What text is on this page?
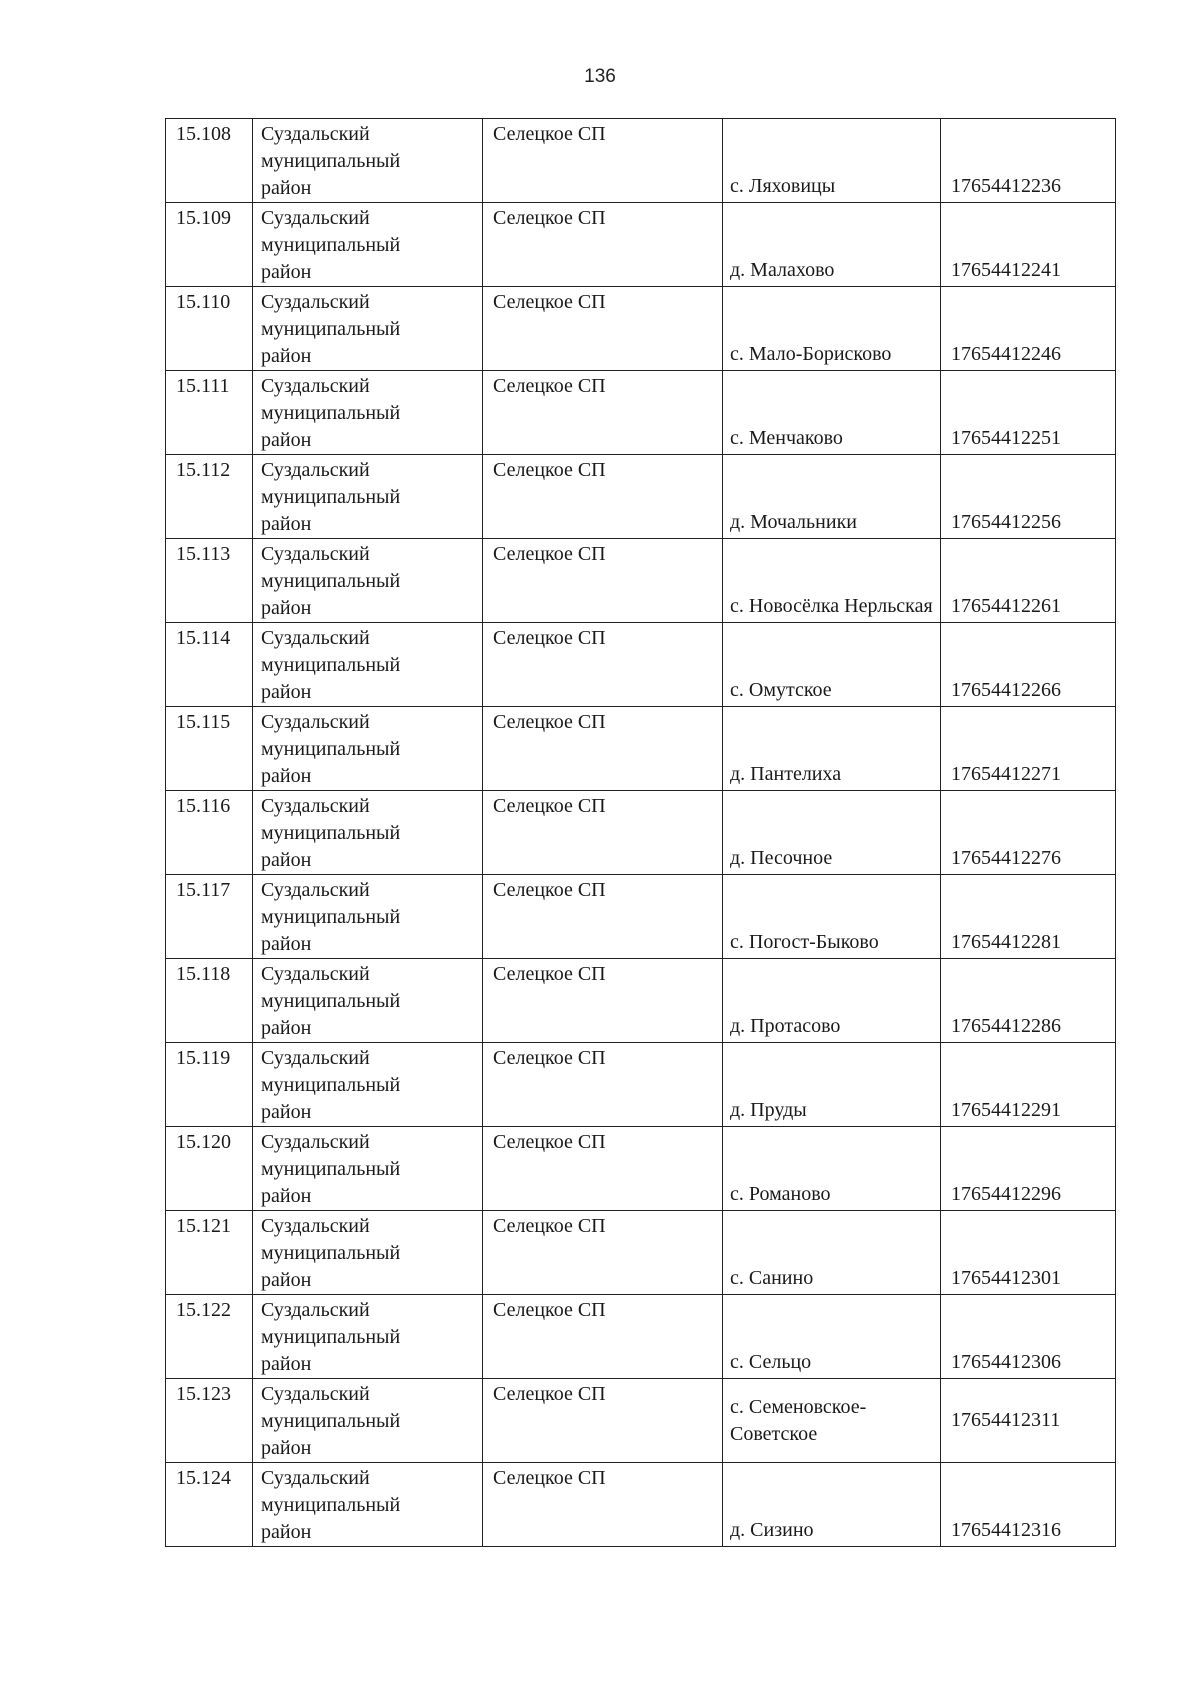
136
15.108	Суздальский
муниципальный
район	Селецкое СП	с. Ляховицы	17654412236
15.109	Суздальский
муниципальный
район	Селецкое СП	д. Малахово	17654412241
15.110	Суздальский
муниципальный
район	Селецкое СП	с. Мало-Борисково	17654412246
15.111	Суздальский
муниципальный
район	Селецкое СП	с. Менчаково	17654412251
15.112	Суздальский
муниципальный
район	Селецкое СП	д. Мочальники	17654412256
15.113	Суздальский
муниципальный
район	Селецкое СП	с. Новосёлка Нерльская	17654412261
15.114	Суздальский
муниципальный
район	Селецкое СП	с. Омутское	17654412266
15.115	Суздальский
муниципальный
район	Селецкое СП	д. Пантелиха	17654412271
15.116	Суздальский
муниципальный
район	Селецкое СП	д. Песочное	17654412276
15.117	Суздальский
муниципальный
район	Селецкое СП	с. Погост-Быково	17654412281
15.118	Суздальский
муниципальный
район	Селецкое СП	д. Протасово	17654412286
15.119	Суздальский
муниципальный
район	Селецкое СП	д. Пруды	17654412291
15.120	Суздальский
муниципальный
район	Селецкое СП	с. Романово	17654412296
15.121	Суздальский
муниципальный
район	Селецкое СП	с. Санино	17654412301
15.122	Суздальский
муниципальный
район	Селецкое СП	с. Сельцо	17654412306
15.123	Суздальский
муниципальный
район	Селецкое СП	с. Семеновское-Советское	17654412311
15.124	Суздальский
муниципальный
район	Селецкое СП	д. Сизино	17654412316
